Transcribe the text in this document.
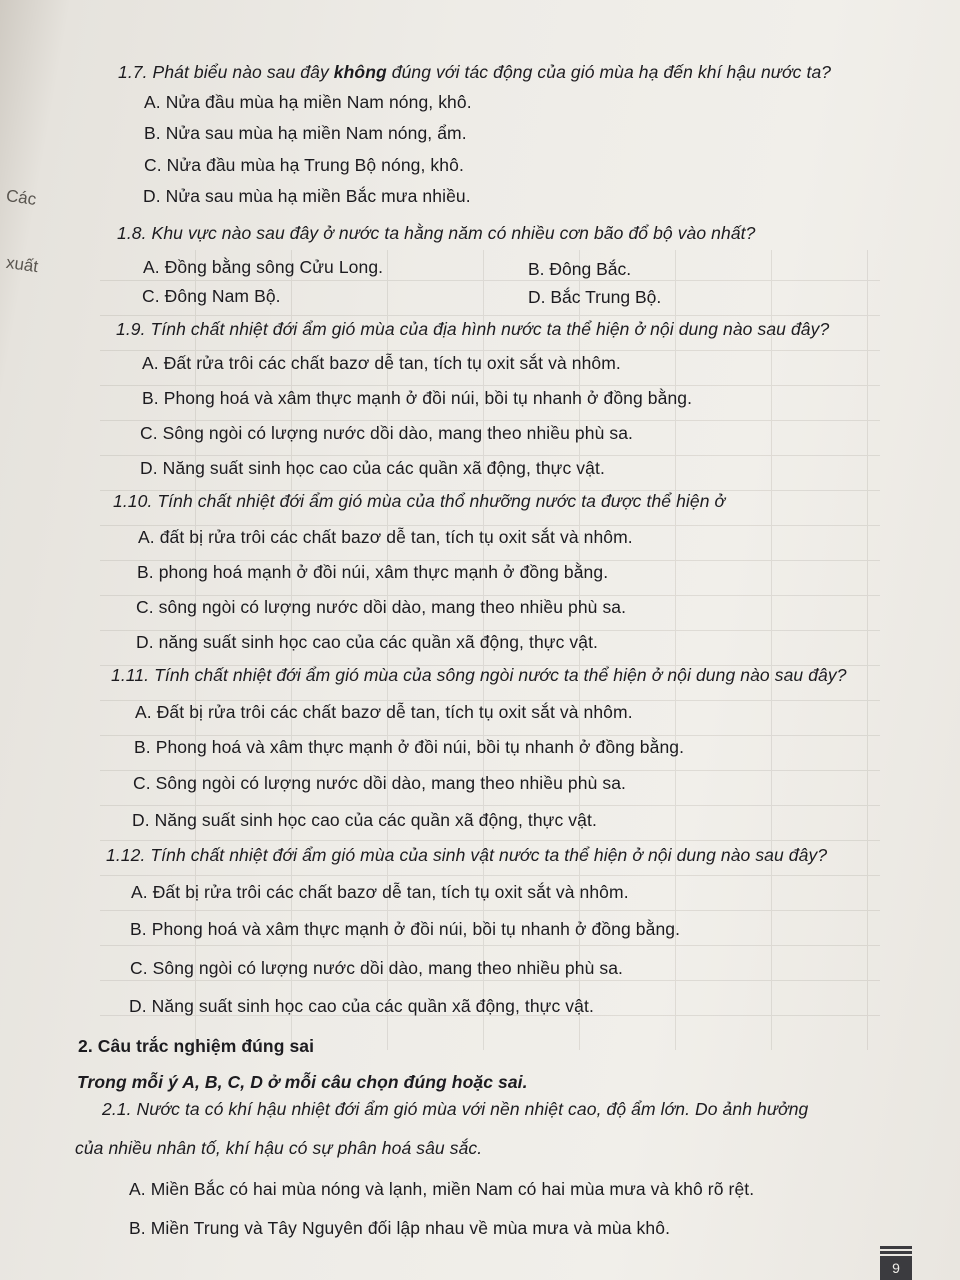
Các
xuất
1.7. Phát biểu nào sau đây không đúng với tác động của gió mùa hạ đến khí hậu nước ta?
A. Nửa đầu mùa hạ miền Nam nóng, khô.
B. Nửa sau mùa hạ miền Nam nóng, ẩm.
C. Nửa đầu mùa hạ Trung Bộ nóng, khô.
D. Nửa sau mùa hạ miền Bắc mưa nhiều.
1.8. Khu vực nào sau đây ở nước ta hằng năm có nhiều cơn bão đổ bộ vào nhất?
A. Đồng bằng sông Cửu Long.	B. Đông Bắc.
C. Đông Nam Bộ.	D. Bắc Trung Bộ.
1.9. Tính chất nhiệt đới ẩm gió mùa của địa hình nước ta thể hiện ở nội dung nào sau đây?
A. Đất rửa trôi các chất bazơ dễ tan, tích tụ oxit sắt và nhôm.
B. Phong hoá và xâm thực mạnh ở đồi núi, bồi tụ nhanh ở đồng bằng.
C. Sông ngòi có lượng nước dồi dào, mang theo nhiều phù sa.
D. Năng suất sinh học cao của các quần xã động, thực vật.
1.10. Tính chất nhiệt đới ẩm gió mùa của thổ nhưỡng nước ta được thể hiện ở
A. đất bị rửa trôi các chất bazơ dễ tan, tích tụ oxit sắt và nhôm.
B. phong hoá mạnh ở đồi núi, xâm thực mạnh ở đồng bằng.
C. sông ngòi có lượng nước dồi dào, mang theo nhiều phù sa.
D. năng suất sinh học cao của các quần xã động, thực vật.
1.11. Tính chất nhiệt đới ẩm gió mùa của sông ngòi nước ta thể hiện ở nội dung nào sau đây?
A. Đất bị rửa trôi các chất bazơ dễ tan, tích tụ oxit sắt và nhôm.
B. Phong hoá và xâm thực mạnh ở đồi núi, bồi tụ nhanh ở đồng bằng.
C. Sông ngòi có lượng nước dồi dào, mang theo nhiều phù sa.
D. Năng suất sinh học cao của các quần xã động, thực vật.
1.12. Tính chất nhiệt đới ẩm gió mùa của sinh vật nước ta thể hiện ở nội dung nào sau đây?
A. Đất bị rửa trôi các chất bazơ dễ tan, tích tụ oxit sắt và nhôm.
B. Phong hoá và xâm thực mạnh ở đồi núi, bồi tụ nhanh ở đồng bằng.
C. Sông ngòi có lượng nước dồi dào, mang theo nhiều phù sa.
D. Năng suất sinh học cao của các quần xã động, thực vật.
2. Câu trắc nghiệm đúng sai
Trong mỗi ý A, B, C, D ở mỗi câu chọn đúng hoặc sai.
2.1. Nước ta có khí hậu nhiệt đới ẩm gió mùa với nền nhiệt cao, độ ẩm lớn. Do ảnh hưởng
của nhiều nhân tố, khí hậu có sự phân hoá sâu sắc.
A. Miền Bắc có hai mùa nóng và lạnh, miền Nam có hai mùa mưa và khô rõ rệt.
B. Miền Trung và Tây Nguyên đối lập nhau về mùa mưa và mùa khô.
9
